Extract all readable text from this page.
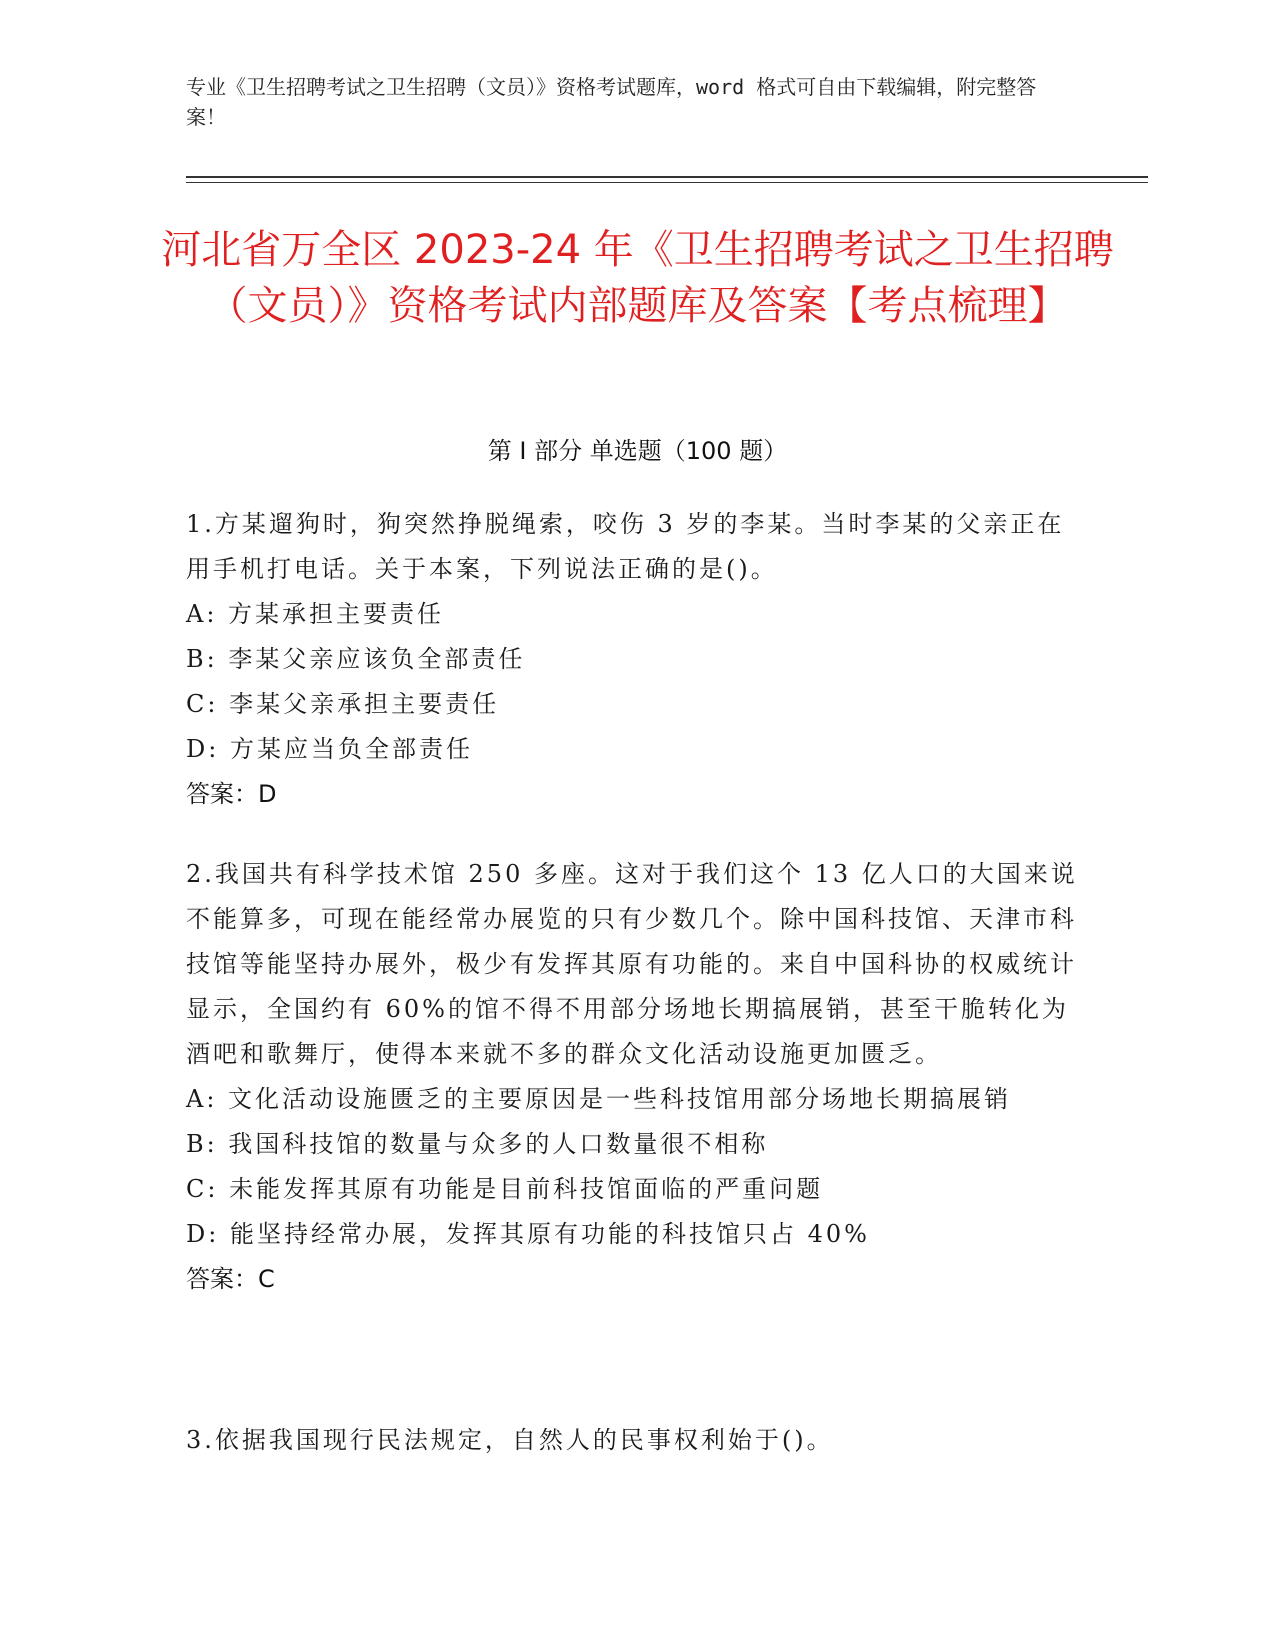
专业《卫生招聘考试之卫生招聘（文员）》资格考试题库，word 格式可自由下载编辑，附完整答案！
河北省万全区 2023-24 年《卫生招聘考试之卫生招聘（文员）》资格考试内部题库及答案【考点梳理】
第 I 部分 单选题（100 题）
1.方某遛狗时，狗突然挣脱绳索，咬伤 3 岁的李某。当时李某的父亲正在用手机打电话。关于本案，下列说法正确的是()。
A: 方某承担主要责任
B: 李某父亲应该负全部责任
C: 李某父亲承担主要责任
D: 方某应当负全部责任
答案：D
2.我国共有科学技术馆 250 多座。这对于我们这个 13 亿人口的大国来说不能算多，可现在能经常办展览的只有少数几个。除中国科技馆、天津市科技馆等能坚持办展外，极少有发挥其原有功能的。来自中国科协的权威统计显示，全国约有 60%的馆不得不用部分场地长期搞展销，甚至干脆转化为酒吧和歌舞厅，使得本来就不多的群众文化活动设施更加匮乏。
A: 文化活动设施匮乏的主要原因是一些科技馆用部分场地长期搞展销
B: 我国科技馆的数量与众多的人口数量很不相称
C: 未能发挥其原有功能是目前科技馆面临的严重问题
D: 能坚持经常办展，发挥其原有功能的科技馆只占 40%
答案：C
3.依据我国现行民法规定，自然人的民事权利始于()。
